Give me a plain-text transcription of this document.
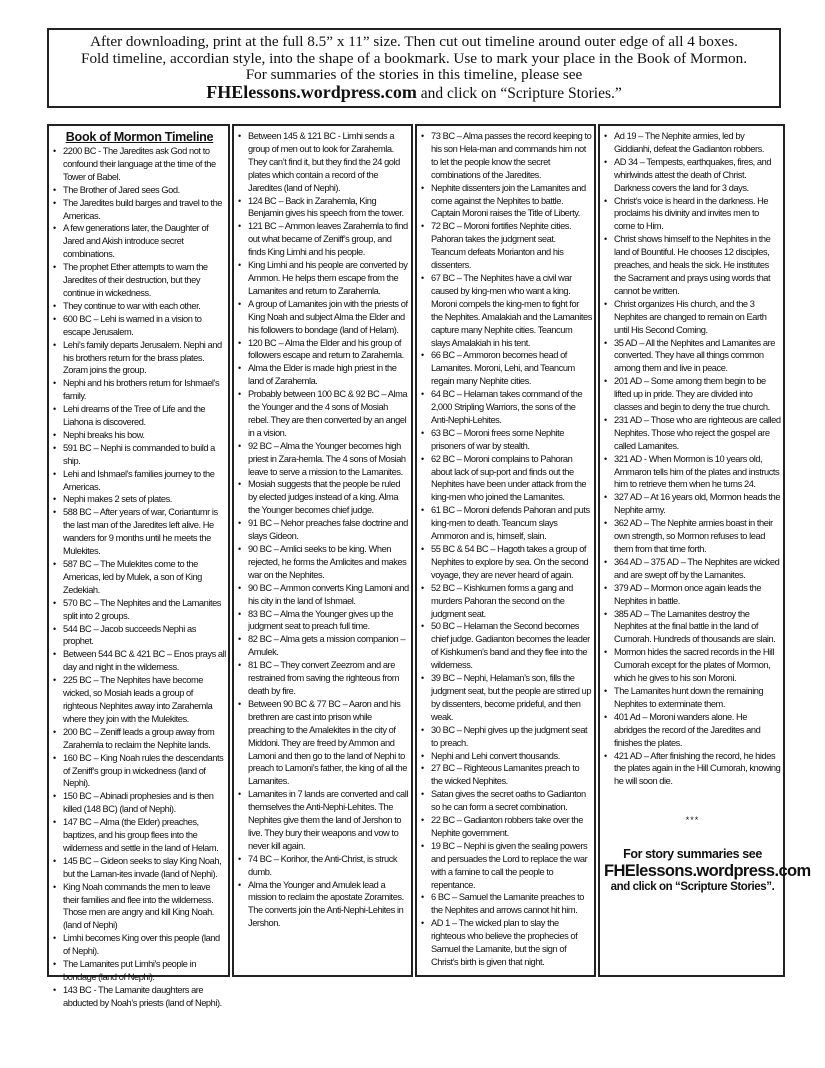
After downloading, print at the full 8.5” x 11” size. Then cut out timeline around outer edge of all 4 boxes.
Fold timeline, accordian style, into the shape of a bookmark. Use to mark your place in the Book of Mormon.
For summaries of the stories in this timeline, please see
FHElessons.wordpress.com and click on “Scripture Stories.”
Book of Mormon Timeline
• 2200 BC - The Jaredites ask God not to confound their language at the time of the Tower of Babel.
• The Brother of Jared sees God.
• The Jaredites build barges and travel to the Americas.
• A few generations later, the Daughter of Jared and Akish introduce secret combinations.
• The prophet Ether attempts to warn the Jaredites of their destruction, but they continue in wickedness.
• They continue to war with each other.
• 600 BC – Lehi is warned in a vision to escape Jerusalem.
• Lehi’s family departs Jerusalem. Nephi and his brothers return for the brass plates. Zoram joins the group.
• Nephi and his brothers return for Ishmael’s family.
• Lehi dreams of the Tree of Life and the Liahona is discovered.
• Nephi breaks his bow.
• 591 BC – Nephi is commanded to build a ship.
• Lehi and Ishmael’s families journey to the Americas.
• Nephi makes 2 sets of plates.
• 588 BC – After years of war, Coriantumr is the last man of the Jaredites left alive. He wanders for 9 months until he meets the Mulekites.
• 587 BC – The Mulekites come to the Americas, led by Mulek, a son of King Zedekiah.
• 570 BC – The Nephites and the Lamanites split into 2 groups.
• 544 BC – Jacob succeeds Nephi as prophet.
• Between 544 BC & 421 BC – Enos prays all day and night in the wilderness.
• 225 BC – The Nephites have become wicked, so Mosiah leads a group of righteous Nephites away into Zarahemla where they join with the Mulekites.
• 200 BC – Zeniff leads a group away from Zarahemla to reclaim the Nephite lands.
• 160 BC – King Noah rules the descendants of Zeniff’s group in wickedness (land of Nephi).
• 150 BC – Abinadi prophesies and is then killed (148 BC) (land of Nephi).
• 147 BC – Alma (the Elder) preaches, baptizes, and his group flees into the wilderness and settle in the land of Helam.
• 145 BC – Gideon seeks to slay King Noah, but the Laman-ites invade (land of Nephi).
• King Noah commands the men to leave their families and flee into the wilderness. Those men are angry and kill King Noah. (land of Nephi)
• Limhi becomes King over this people (land of Nephi).
• The Lamanites put Limhi’s people in bondage (land of Nephi).
• 143 BC - The Lamanite daughters are abducted by Noah’s priests (land of Nephi).
• Between 145 & 121 BC - Limhi sends a group of men out to look for Zarahemla. They can’t find it, but they find the 24 gold plates which contain a record of the Jaredites (land of Nephi).
• 124 BC – Back in Zarahemla, King Benjamin gives his speech from the tower.
• 121 BC – Ammon leaves Zarahemla to find out what became of Zeniff’s group, and finds King Limhi and his people.
• King Limhi and his people are converted by Ammon. He helps them escape from the Lamanites and return to Zarahemla.
• A group of Lamanites join with the priests of King Noah and subject Alma the Elder and his followers to bondage (land of Helam).
• 120 BC – Alma the Elder and his group of followers escape and return to Zarahemla.
• Alma the Elder is made high priest in the land of Zarahemla.
• Probably between 100 BC & 92 BC – Alma the Younger and the 4 sons of Mosiah rebel. They are then converted by an angel in a vision.
• 92 BC – Alma the Younger becomes high priest in Zara-hemla. The 4 sons of Mosiah leave to serve a mission to the Lamanites.
• Mosiah suggests that the people be ruled by elected judges instead of a king. Alma the Younger becomes chief judge.
• 91 BC – Nehor preaches false doctrine and slays Gideon.
• 90 BC – Amlici seeks to be king. When rejected, he forms the Amlicites and makes war on the Nephites.
• 90 BC – Ammon converts King Lamoni and his city in the land of Ishmael.
• 83 BC – Alma the Younger gives up the judgment seat to preach full time.
• 82 BC – Alma gets a mission companion – Amulek.
• 81 BC – They convert Zeezrom and are restrained from saving the righteous from death by fire.
• Between 90 BC & 77 BC – Aaron and his brethren are cast into prison while preaching to the Amalekites in the city of Middoni. They are freed by Ammon and Lamoni and then go to the land of Nephi to preach to Lamoni’s father, the king of all the Lamanites.
• Lamanites in 7 lands are converted and call themselves the Anti-Nephi-Lehites. The Nephites give them the land of Jershon to live. They bury their weapons and vow to never kill again.
• 74 BC – Korihor, the Anti-Christ, is struck dumb.
• Alma the Younger and Amulek lead a mission to reclaim the apostate Zoramites. The converts join the Anti-Nephi-Lehites in Jershon.
• 73 BC – Alma passes the record keeping to his son Hela-man and commands him not to let the people know the secret combinations of the Jaredites.
• Nephite dissenters join the Lamanites and come against the Nephites to battle. Captain Moroni raises the Title of Liberty.
• 72 BC – Moroni fortifies Nephite cities. Pahoran takes the judgment seat. Teancum defeats Morianton and his dissenters.
• 67 BC – The Nephites have a civil war caused by king-men who want a king. Moroni compels the king-men to fight for the Nephites. Amalakiah and the Lamanites capture many Nephite cities. Teancum slays Amalakiah in his tent.
• 66 BC – Ammoron becomes head of Lamanites. Moroni, Lehi, and Teancum regain many Nephite cities.
• 64 BC – Helaman takes command of the 2,000 Stripling Warriors, the sons of the Anti-Nephi-Lehites.
• 63 BC – Moroni frees some Nephite prisoners of war by stealth.
• 62 BC – Moroni complains to Pahoran about lack of sup-port and finds out the Nephites have been under attack from the king-men who joined the Lamanites.
• 61 BC – Moroni defends Pahoran and puts king-men to death. Teancum slays Ammoron and is, himself, slain.
• 55 BC & 54 BC – Hagoth takes a group of Nephites to explore by sea. On the second voyage, they are never heard of again.
• 52 BC – Kishkumen forms a gang and murders Pahoran the second on the judgment seat.
• 50 BC – Helaman the Second becomes chief judge. Gadianton becomes the leader of Kishkumen’s band and they flee into the wilderness.
• 39 BC – Nephi, Helaman’s son, fills the judgment seat, but the people are stirred up by dissenters, become prideful, and then weak.
• 30 BC – Nephi gives up the judgment seat to preach.
• Nephi and Lehi convert thousands.
• 27 BC – Righteous Lamanites preach to the wicked Nephites.
• Satan gives the secret oaths to Gadianton so he can form a secret combination.
• 22 BC – Gadianton robbers take over the Nephite government.
• 19 BC – Nephi is given the sealing powers and persuades the Lord to replace the war with a famine to call the people to repentance.
• 6 BC – Samuel the Lamanite preaches to the Nephites and arrows cannot hit him.
• AD 1 – The wicked plan to slay the righteous who believe the prophecies of Samuel the Lamanite, but the sign of Christ’s birth is given that night.
• Ad 19 – The Nephite armies, led by Giddianhi, defeat the Gadianton robbers.
• AD 34 – Tempests, earthquakes, fires, and whirlwinds attest the death of Christ. Darkness covers the land for 3 days.
• Christ’s voice is heard in the darkness. He proclaims his divinity and invites men to come to Him.
• Christ shows himself to the Nephites in the land of Bountiful. He chooses 12 disciples, preaches, and heals the sick. He institutes the Sacrament and prays using words that cannot be written.
• Christ organizes His church, and the 3 Nephites are changed to remain on Earth until His Second Coming.
• 35 AD – All the Nephites and Lamanites are converted. They have all things common among them and live in peace.
• 201 AD – Some among them begin to be lifted up in pride. They are divided into classes and begin to deny the true church.
• 231 AD – Those who are righteous are called Nephites. Those who reject the gospel are called Lamanites.
• 321 AD - When Mormon is 10 years old, Ammaron tells him of the plates and instructs him to retrieve them when he turns 24.
• 327 AD – At 16 years old, Mormon heads the Nephite army.
• 362 AD – The Nephite armies boast in their own strength, so Mormon refuses to lead them from that time forth.
• 364 AD – 375 AD – The Nephites are wicked and are swept off by the Lamanites.
• 379 AD – Mormon once again leads the Nephites in battle.
• 385 AD – The Lamanites destroy the Nephites at the final battle in the land of Cumorah. Hundreds of thousands are slain.
• Mormon hides the sacred records in the Hill Cumorah except for the plates of Mormon, which he gives to his son Moroni.
• The Lamanites hunt down the remaining Nephites to exterminate them.
• 401 Ad – Moroni wanders alone. He abridges the record of the Jaredites and finishes the plates.
• 421 AD – After finishing the record, he hides the plates again in the Hill Cumorah, knowing he will soon die.
***
For story summaries see
FHElessons.wordpress.com
and click on “Scripture Stories”.
